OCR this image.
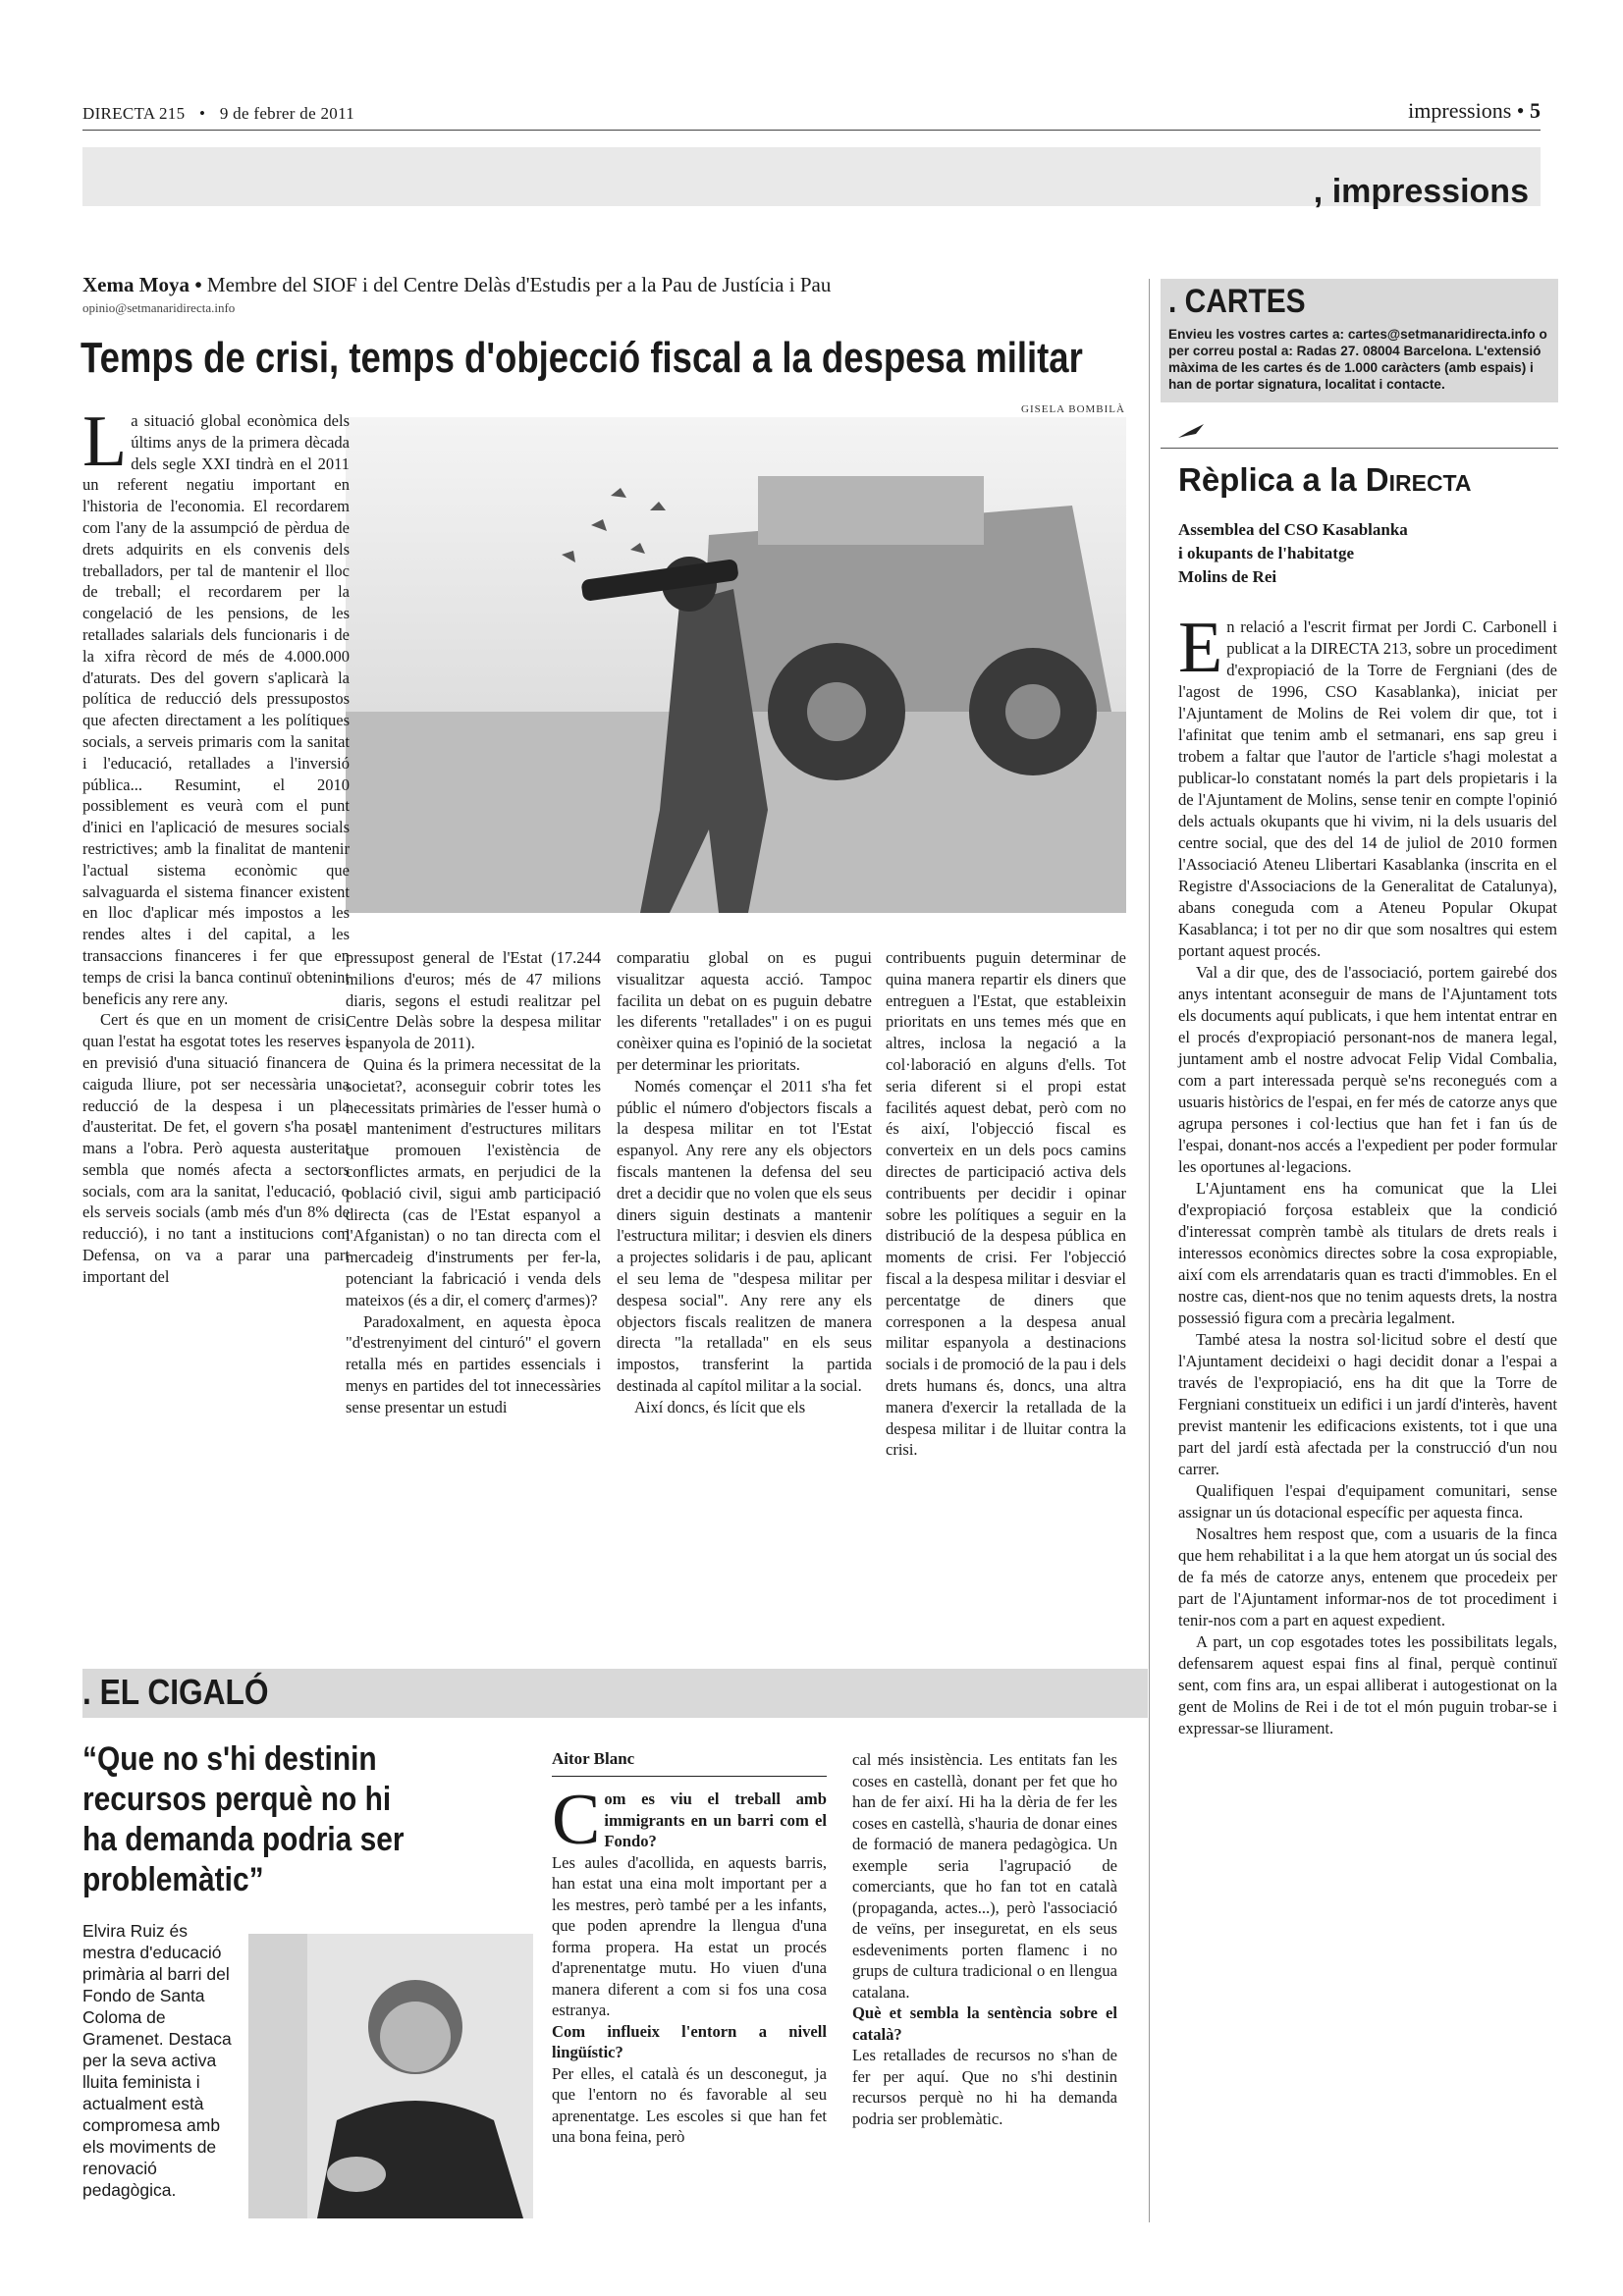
DIRECTA 215 • 9 de febrer de 2011	impressions • 5
, impressions
Xema Moya • Membre del SIOF i del Centre Delàs d'Estudis per a la Pau de Justícia i Pau
opinio@setmanaridirecta.info
Temps de crisi, temps d'objecció fiscal a la despesa militar
GISELA BOMBILÀ

La situació global econòmica dels últims anys de la primera dècada dels segle XXI tindrà en el 2011 un referent negatiu important en l'historia de l'economia. El recordarem com l'any de la assumpció de pèrdua de drets adquirits en els convenis dels treballadors, per tal de mantenir el lloc de treball; el recordarem per la congelació de les pensions, de les retallades salarials dels funcionaris i de la xifra rècord de més de 4.000.000 d'aturats. Des del govern s'aplicarà la política de reducció dels pressupostos que afecten directament a les polítiques socials, a serveis primaris com la sanitat i l'educació, retallades a l'inversió pública... Resumint, el 2010 possiblement es veurà com el punt d'inici en l'aplicació de mesures socials restrictives; amb la finalitat de mantenir l'actual sistema econòmic que salvaguarda el sistema financer existent en lloc d'aplicar més impostos a les rendes altes i del capital, a les transaccions financeres i fer que en temps de crisi la banca continuï obtenint beneficis any rere any.

Cert és que en un moment de crisi, quan l'estat ha esgotat totes les reserves i en previsió d'una situació financera de caiguda lliure, pot ser necessària una reducció de la despesa i un pla d'austeritat. De fet, el govern s'ha posat mans a l'obra. Però aquesta austeritat sembla que només afecta a sectors socials, com ara la sanitat, l'educació, o els serveis socials (amb més d'un 8% de reducció), i no tant a institucions com Defensa, on va a parar una part important del

pressupost general de l'Estat (17.244 milions d'euros; més de 47 milions diaris, segons el estudi realitzar pel Centre Delàs sobre la despesa militar espanyola de 2011).

Quina és la primera necessitat de la societat?, aconseguir cobrir totes les necessitats primàries de l'esser humà o el manteniment d'estructures militars que promouen l'existència de conflictes armats, en perjudici de la població civil, sigui amb participació directa (cas de l'Estat espanyol a l'Afganistan) o no tan directa com el mercadeig d'instruments per fer-la, potenciant la fabricació i venda dels mateixos (és a dir, el comerç d'armes)?

Paradoxalment, en aquesta època "d'estrenyiment del cinturó" el govern retalla més en partides essencials i menys en partides del tot innecessàries sense presentar un estudi

comparatiu global on es pugui visualitzar aquesta acció. Tampoc facilita un debat on es puguin debatre les diferents "retallades" i on es pugui conèixer quina es l'opinió de la societat per determinar les prioritats.

Només començar el 2011 s'ha fet públic el número d'objectors fiscals a la despesa militar en tot l'Estat espanyol. Any rere any els objectors fiscals mantenen la defensa del seu dret a decidir que no volen que els seus diners siguin destinats a mantenir l'estructura militar; i desvien els diners a projectes solidaris i de pau, aplicant el seu lema de "despesa militar per despesa social". Any rere any els objectors fiscals realitzen de manera directa "la retallada" en els seus impostos, transferint la partida destinada al capítol militar a la social.

Així doncs, és lícit que els

contribuents puguin determinar de quina manera repartir els diners que entreguen a l'Estat, que estableixin prioritats en uns temes més que en altres, inclosa la negació a la col·laboració en alguns d'ells. Tot seria diferent si el propi estat facilités aquest debat, però com no és així, l'objecció fiscal es converteix en un dels pocs camins directes de participació activa dels contribuents per decidir i opinar sobre les polítiques a seguir en la distribució de la despesa pública en moments de crisi. Fer l'objecció fiscal a la despesa militar i desviar el percentatge de diners que corresponen a la despesa anual militar espanyola a destinacions socials i de promoció de la pau i dels drets humans és, doncs, una altra manera d'exercir la retallada de la despesa militar i de lluitar contra la crisi.

. CARTES
Envieu les vostres cartes a: cartes@setmanaridirecta.info o per correu postal a: Radas 27. 08004 Barcelona. L'extensió màxima de les cartes és de 1.000 caràcters (amb espais) i han de portar signatura, localitat i contacte.
Rèplica a la Directa
Assemblea del CSO Kasablanka
i okupants de l'habitatge
Molins de Rei

En relació a l'escrit firmat per Jordi C. Carbonell i publicat a la DIRECTA 213, sobre un procediment d'expropiació de la Torre de Fergniani (des de l'agost de 1996, CSO Kasablanka), iniciat per l'Ajuntament de Molins de Rei volem dir que, tot i l'afinitat que tenim amb el setmanari, ens sap greu i trobem a faltar que l'autor de l'article s'hagi molestat a publicar-lo constatant només la part dels propietaris i la de l'Ajuntament de Molins, sense tenir en compte l'opinió dels actuals okupants que hi vivim, ni la dels usuaris del centre social, que des del 14 de juliol de 2010 formen l'Associació Ateneu Llibertari Kasablanka (inscrita en el Registre d'Associacions de la Generalitat de Catalunya), abans coneguda com a Ateneu Popular Okupat Kasablanca; i tot per no dir que som nosaltres qui estem portant aquest procés.

Val a dir que, des de l'associació, portem gairebé dos anys intentant aconseguir de mans de l'Ajuntament tots els documents aquí publicats, i que hem intentat entrar en el procés d'expropiació personant-nos de manera legal, juntament amb el nostre advocat Felip Vidal Combalia, com a part interessada perquè se'ns reconegués com a usuaris històrics de l'espai, en fer més de catorze anys que agrupa persones i col·lectius que han fet i fan ús de l'espai, donant-nos accés a l'expedient per poder formular les oportunes al·legacions.

L'Ajuntament ens ha comunicat que la Llei d'expropiació forçosa estableix que la condició d'interessat comprèn tambè als titulars de drets reals i interessos econòmics directes sobre la cosa expropiable, així com els arrendataris quan es tracti d'immobles. En el nostre cas, dient-nos que no tenim aquests drets, la nostra possessió figura com a precària legalment.

També atesa la nostra sol·licitud sobre el destí que l'Ajuntament decideixi o hagi decidit donar a l'espai a través de l'expropiació, ens ha dit que la Torre de Fergniani constitueix un edifici i un jardí d'interès, havent previst mantenir les edificacions existents, tot i que una part del jardí està afectada per la construcció d'un nou carrer.

Qualifiquen l'espai d'equipament comunitari, sense assignar un ús dotacional específic per aquesta finca.

Nosaltres hem respost que, com a usuaris de la finca que hem rehabilitat i a la que hem atorgat un ús social des de fa més de catorze anys, entenem que procedeix per part de l'Ajuntament informar-nos de tot procediment i tenir-nos com a part en aquest expedient.

A part, un cop esgotades totes les possibilitats legals, defensarem aquest espai fins al final, perquè continuï sent, com fins ara, un espai alliberat i autogestionat on la gent de Molins de Rei i de tot el món puguin trobar-se i expressar-se lliurament.

. EL CIGALÓ
“Que no s'hi destinin recursos perquè no hi ha demanda podria ser problemàtic”
Elvira Ruiz és mestra d'educació primària al barri del Fondo de Santa Coloma de Gramenet. Destaca per la seva activa lluita feminista i actualment està compromesa amb els moviments de renovació pedagògica.
Aitor Blanc

Com es viu el treball amb immigrants en un barri com el Fondo?

Les aules d'acollida, en aquests barris, han estat una eina molt important per a les mestres, però també per a les infants, que poden aprendre la llengua d'una forma propera. Ha estat un procés d'aprenentatge mutu. Ho viuen d'una manera diferent a com si fos una cosa estranya.

Com influeix l'entorn a nivell lingüístic?

Per elles, el català és un desconegut, ja que l'entorn no és favorable al seu aprenentatge. Les escoles si que han fet una bona feina, però

cal més insistència. Les entitats fan les coses en castellà, donant per fet que ho han de fer així. Hi ha la dèria de fer les coses en castellà, s'hauria de donar eines de formació de manera pedagògica. Un exemple seria l'agrupació de comerciants, que ho fan tot en català (propaganda, actes...), però l'associació de veïns, per inseguretat, en els seus esdeveniments porten flamenc i no grups de cultura tradicional o en llengua catalana.

Què et sembla la sentència sobre el català?

Les retallades de recursos no s'han de fer per aquí. Que no s'hi destinin recursos perquè no hi ha demanda podria ser problemàtic.
